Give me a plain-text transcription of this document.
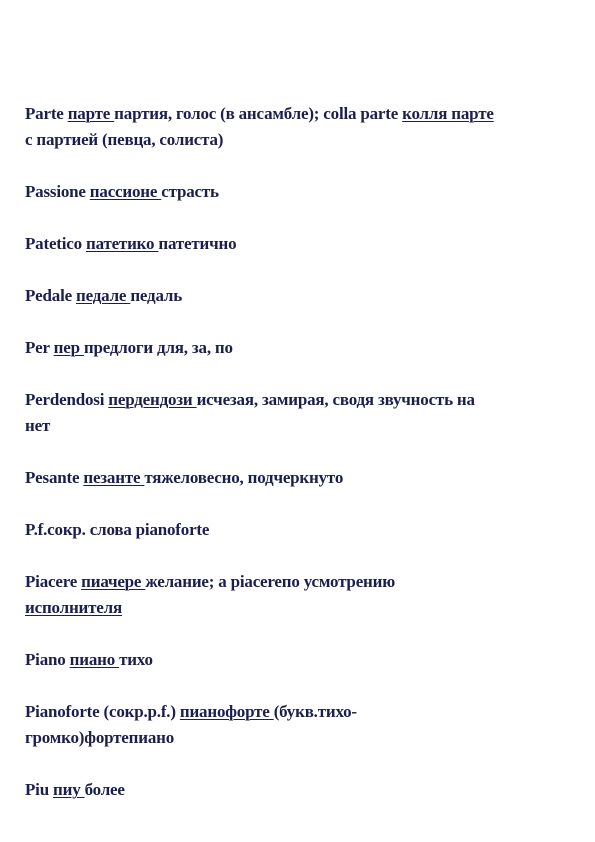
Parte парте партия, голос (в ансамбле); colla parte колля парте
с партией (певца, солиста)
Passione пассионе страсть
Patetico патетико патетично
Pedale педале педаль
Per пер предлоги для, за, по
Perdendosi пердендози исчезая, замирая, сводя звучность на
нет
Pesante пезанте тяжеловесно, подчеркнуто
P.f.сокр. слова pianoforte
Piacere пиачере желание; a piacereпо усмотрению
исполнителя
Piano пиано тихо
Pianoforte (сокр.p.f.) пианофорте (букв.тихо-
громко)фортепиано
Piu пиу более
